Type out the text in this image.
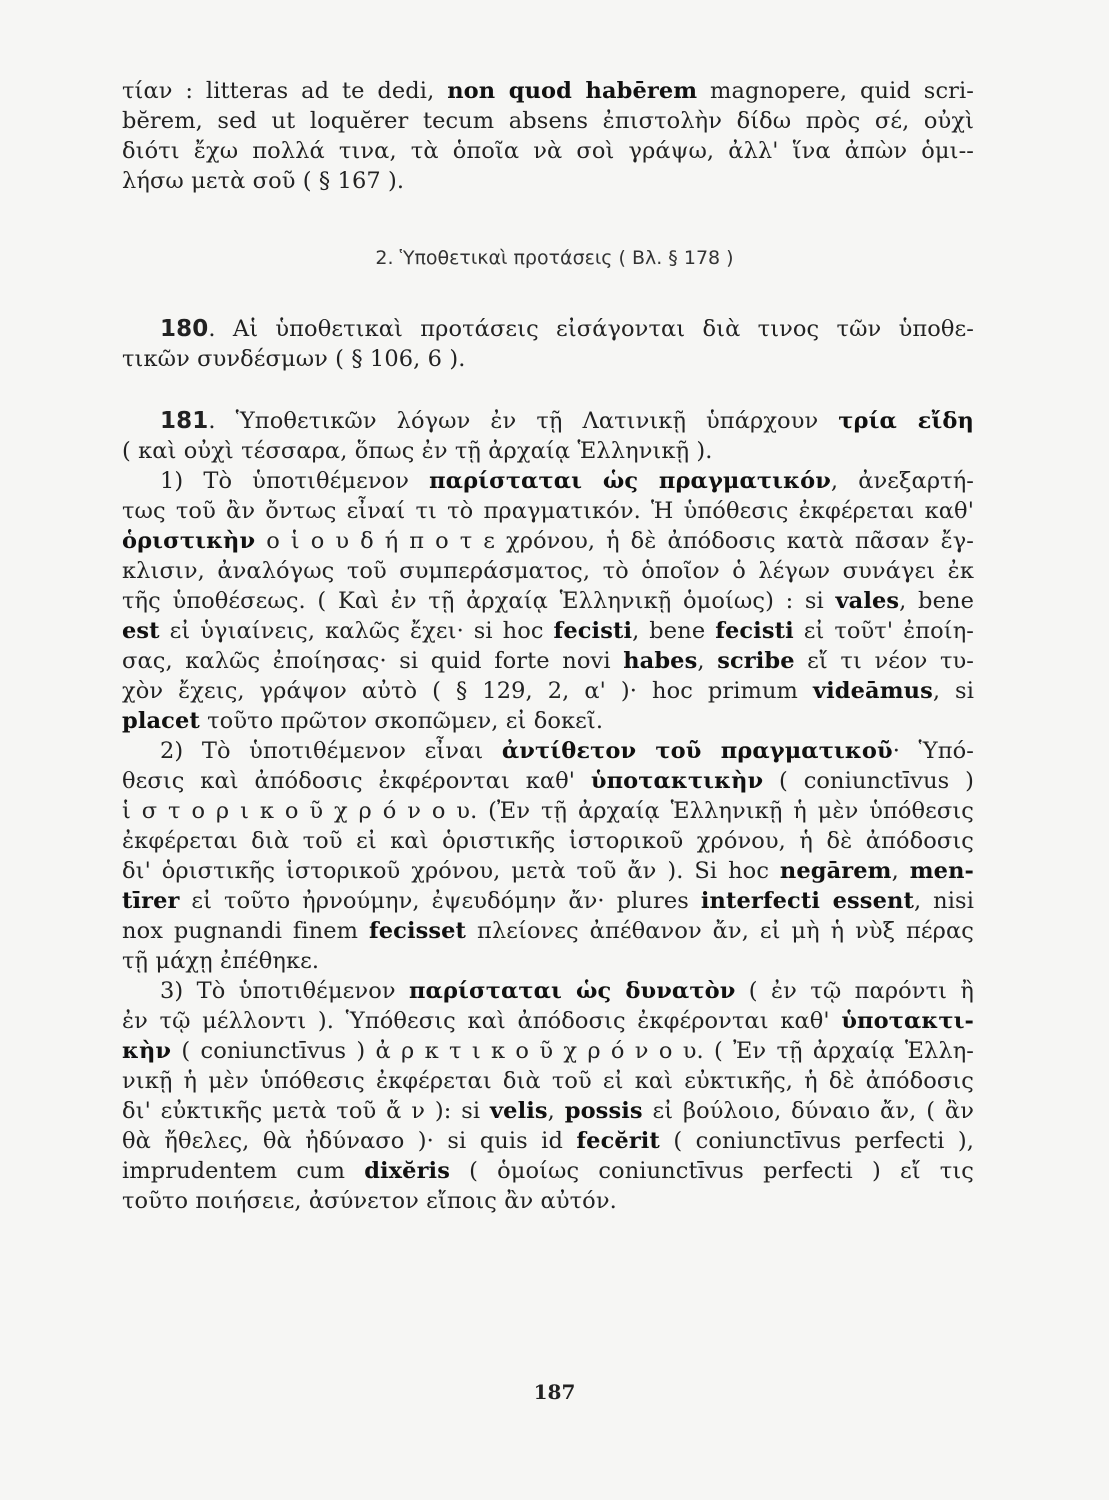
τίαν : litteras ad te dedi, non quod habērem magnopere, quid scri-
bĕrem, sed ut loquĕrer tecum absens ἐπιστολὴν δίδω πρὸς σέ, οὐχὶ
διότι ἔχω πολλά τινα, τὰ ὁποῖα νὰ σοὶ γράψω, ἀλλ' ἵνα ἀπὼν ὁμι--
λήσω μετὰ σοῦ ( § 167 ).
2. Ὑποθετικαὶ προτάσεις ( Βλ. § 178 )
180. Αἱ ὑποθετικαὶ προτάσεις εἰσάγονται διὰ τινος τῶν ὑποθε-
τικῶν συνδέσμων ( § 106, 6 ).
181. Ὑποθετικῶν λόγων ἐν τῇ Λατινικῇ ὑπάρχουν τρία εἴδη
( καὶ οὐχὶ τέσσαρα, ὅπως ἐν τῇ ἀρχαίᾳ Ἑλληνικῇ ).
1) Τὸ ὑποτιθέμενον παρίσταται ὡς πραγματικόν, ἀνεξαρτή-
τως τοῦ ἂν ὄντως εἶναί τι τὸ πραγματικόν. Ἡ ὑπόθεσις ἐκφέρεται καθ'
ὁριστικὴν ο ἱ ο υ δ ή π ο τ ε χρόνου, ἡ δὲ ἀπόδοσις κατὰ πᾶσαν ἔγ-
κλισιν, ἀναλόγως τοῦ συμπεράσματος, τὸ ὁποῖον ὁ λέγων συνάγει ἐκ
τῆς ὑποθέσεως. ( Καὶ ἐν τῇ ἀρχαίᾳ Ἑλληνικῇ ὁμοίως) : si vales, bene
est εἰ ὑγιαίνεις, καλῶς ἔχει· si hoc fecisti, bene fecisti εἰ τοῦτ' ἐποίη-
σας, καλῶς ἐποίησας· si quid forte novi habes, scribe εἴ τι νέον τυ-
χὸν ἔχεις, γράψον αὐτὸ ( § 129, 2, α' )· hoc primum videāmus, si
placet τοῦτο πρῶτον σκοπῶμεν, εἰ δοκεῖ.
2) Τὸ ὑποτιθέμενον εἶναι ἀντίθετον τοῦ πραγματικοῦ· Ὑπό-
θεσις καὶ ἀπόδοσις ἐκφέρονται καθ' ὑποτακτικὴν ( coniunctīvus )
ἱ σ τ ο ρ ι κ ο ῦ χ ρ ό ν ο υ. (Ἐν τῇ ἀρχαίᾳ Ἑλληνικῇ ἡ μὲν ὑπόθεσις
ἐκφέρεται διὰ τοῦ εἰ καὶ ὁριστικῆς ἱστορικοῦ χρόνου, ἡ δὲ ἀπόδοσις
δι' ὁριστικῆς ἱστορικοῦ χρόνου, μετὰ τοῦ ἄν ). Si hoc negārem, men-
tīrer εἰ τοῦτο ἠρνούμην, ἐψευδόμην ἄν· plures interfecti essent, nisi
nox pugnandi finem fecisset πλείονες ἀπέθανον ἄν, εἰ μὴ ἡ νὺξ πέρας
τῇ μάχῃ ἐπέθηκε.
3) Τὸ ὑποτιθέμενον παρίσταται ὡς δυνατὸν ( ἐν τῷ παρόντι ἢ
ἐν τῷ μέλλοντι ). Ὑπόθεσις καὶ ἀπόδοσις ἐκφέρονται καθ' ὑποτακτι-
κὴν ( coniunctīvus ) ἀ ρ κ τ ι κ ο ῦ χ ρ ό ν ο υ. ( Ἐν τῇ ἀρχαίᾳ Ἑλλη-
νικῇ ἡ μὲν ὑπόθεσις ἐκφέρεται διὰ τοῦ εἰ καὶ εὐκτικῆς, ἡ δὲ ἀπόδοσις
δι' εὐκτικῆς μετὰ τοῦ ἄ ν ): si velis, possis εἰ βούλοιο, δύναιο ἄν, ( ἂν
θὰ ἤθελες, θὰ ἠδύνασο )· si quis id fecĕrit ( coniunctīvus perfecti ),
imprudentem cum dixĕris ( ὁμοίως coniunctīvus perfecti ) εἴ τις
τοῦτο ποιήσειε, ἀσύνετον εἴποις ἂν αὐτόν.
187
